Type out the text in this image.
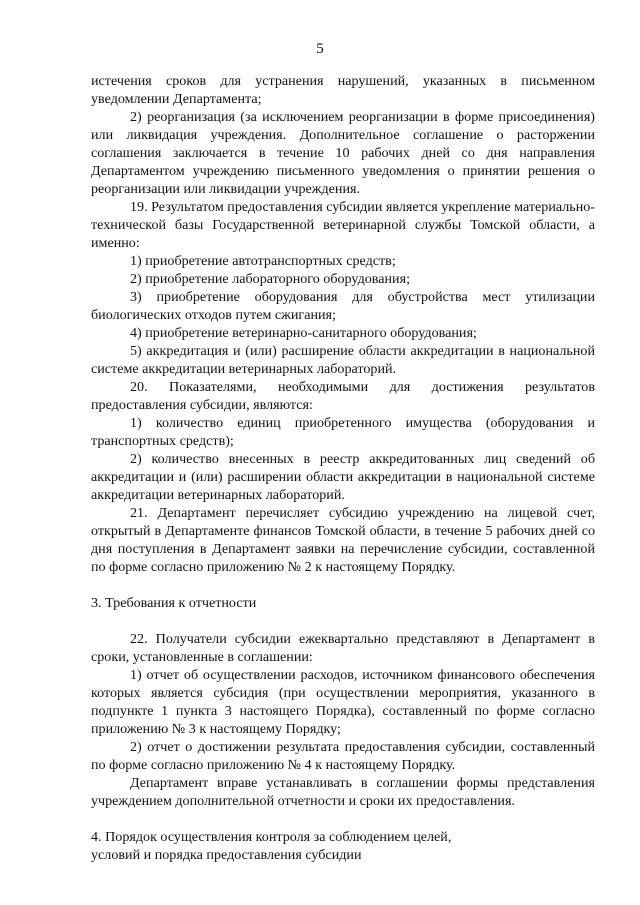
5

истечения сроков для устранения нарушений, указанных в письменном уведомлении Департамента;

2) реорганизация (за исключением реорганизации в форме присоединения) или ликвидация учреждения. Дополнительное соглашение о расторжении соглашения заключается в течение 10 рабочих дней со дня направления Департаментом учреждению письменного уведомления о принятии решения о реорганизации или ликвидации учреждения.

19. Результатом предоставления субсидии является укрепление материально-технической базы Государственной ветеринарной службы Томской области, а именно:

1) приобретение автотранспортных средств;

2) приобретение лабораторного оборудования;

3) приобретение оборудования для обустройства мест утилизации биологических отходов путем сжигания;

4) приобретение ветеринарно-санитарного оборудования;

5) аккредитация и (или) расширение области аккредитации в национальной системе аккредитации ветеринарных лабораторий.

20. Показателями, необходимыми для достижения результатов предоставления субсидии, являются:

1) количество единиц приобретенного имущества (оборудования и транспортных средств);

2) количество внесенных в реестр аккредитованных лиц сведений об аккредитации и (или) расширении области аккредитации в национальной системе аккредитации ветеринарных лабораторий.

21. Департамент перечисляет субсидию учреждению на лицевой счет, открытый в Департаменте финансов Томской области, в течение 5 рабочих дней со дня поступления в Департамент заявки на перечисление субсидии, составленной по форме согласно приложению № 2 к настоящему Порядку.

3. Требования к отчетности

22. Получатели субсидии ежеквартально представляют в Департамент в сроки, установленные в соглашении:

1) отчет об осуществлении расходов, источником финансового обеспечения которых является субсидия (при осуществлении мероприятия, указанного в подпункте 1 пункта 3 настоящего Порядка), составленный по форме согласно приложению № 3 к настоящему Порядку;

2) отчет о достижении результата предоставления субсидии, составленный по форме согласно приложению № 4 к настоящему Порядку.

Департамент вправе устанавливать в соглашении формы представления учреждением дополнительной отчетности и сроки их предоставления.

4. Порядок осуществления контроля за соблюдением целей,
условий и порядка предоставления субсидии
